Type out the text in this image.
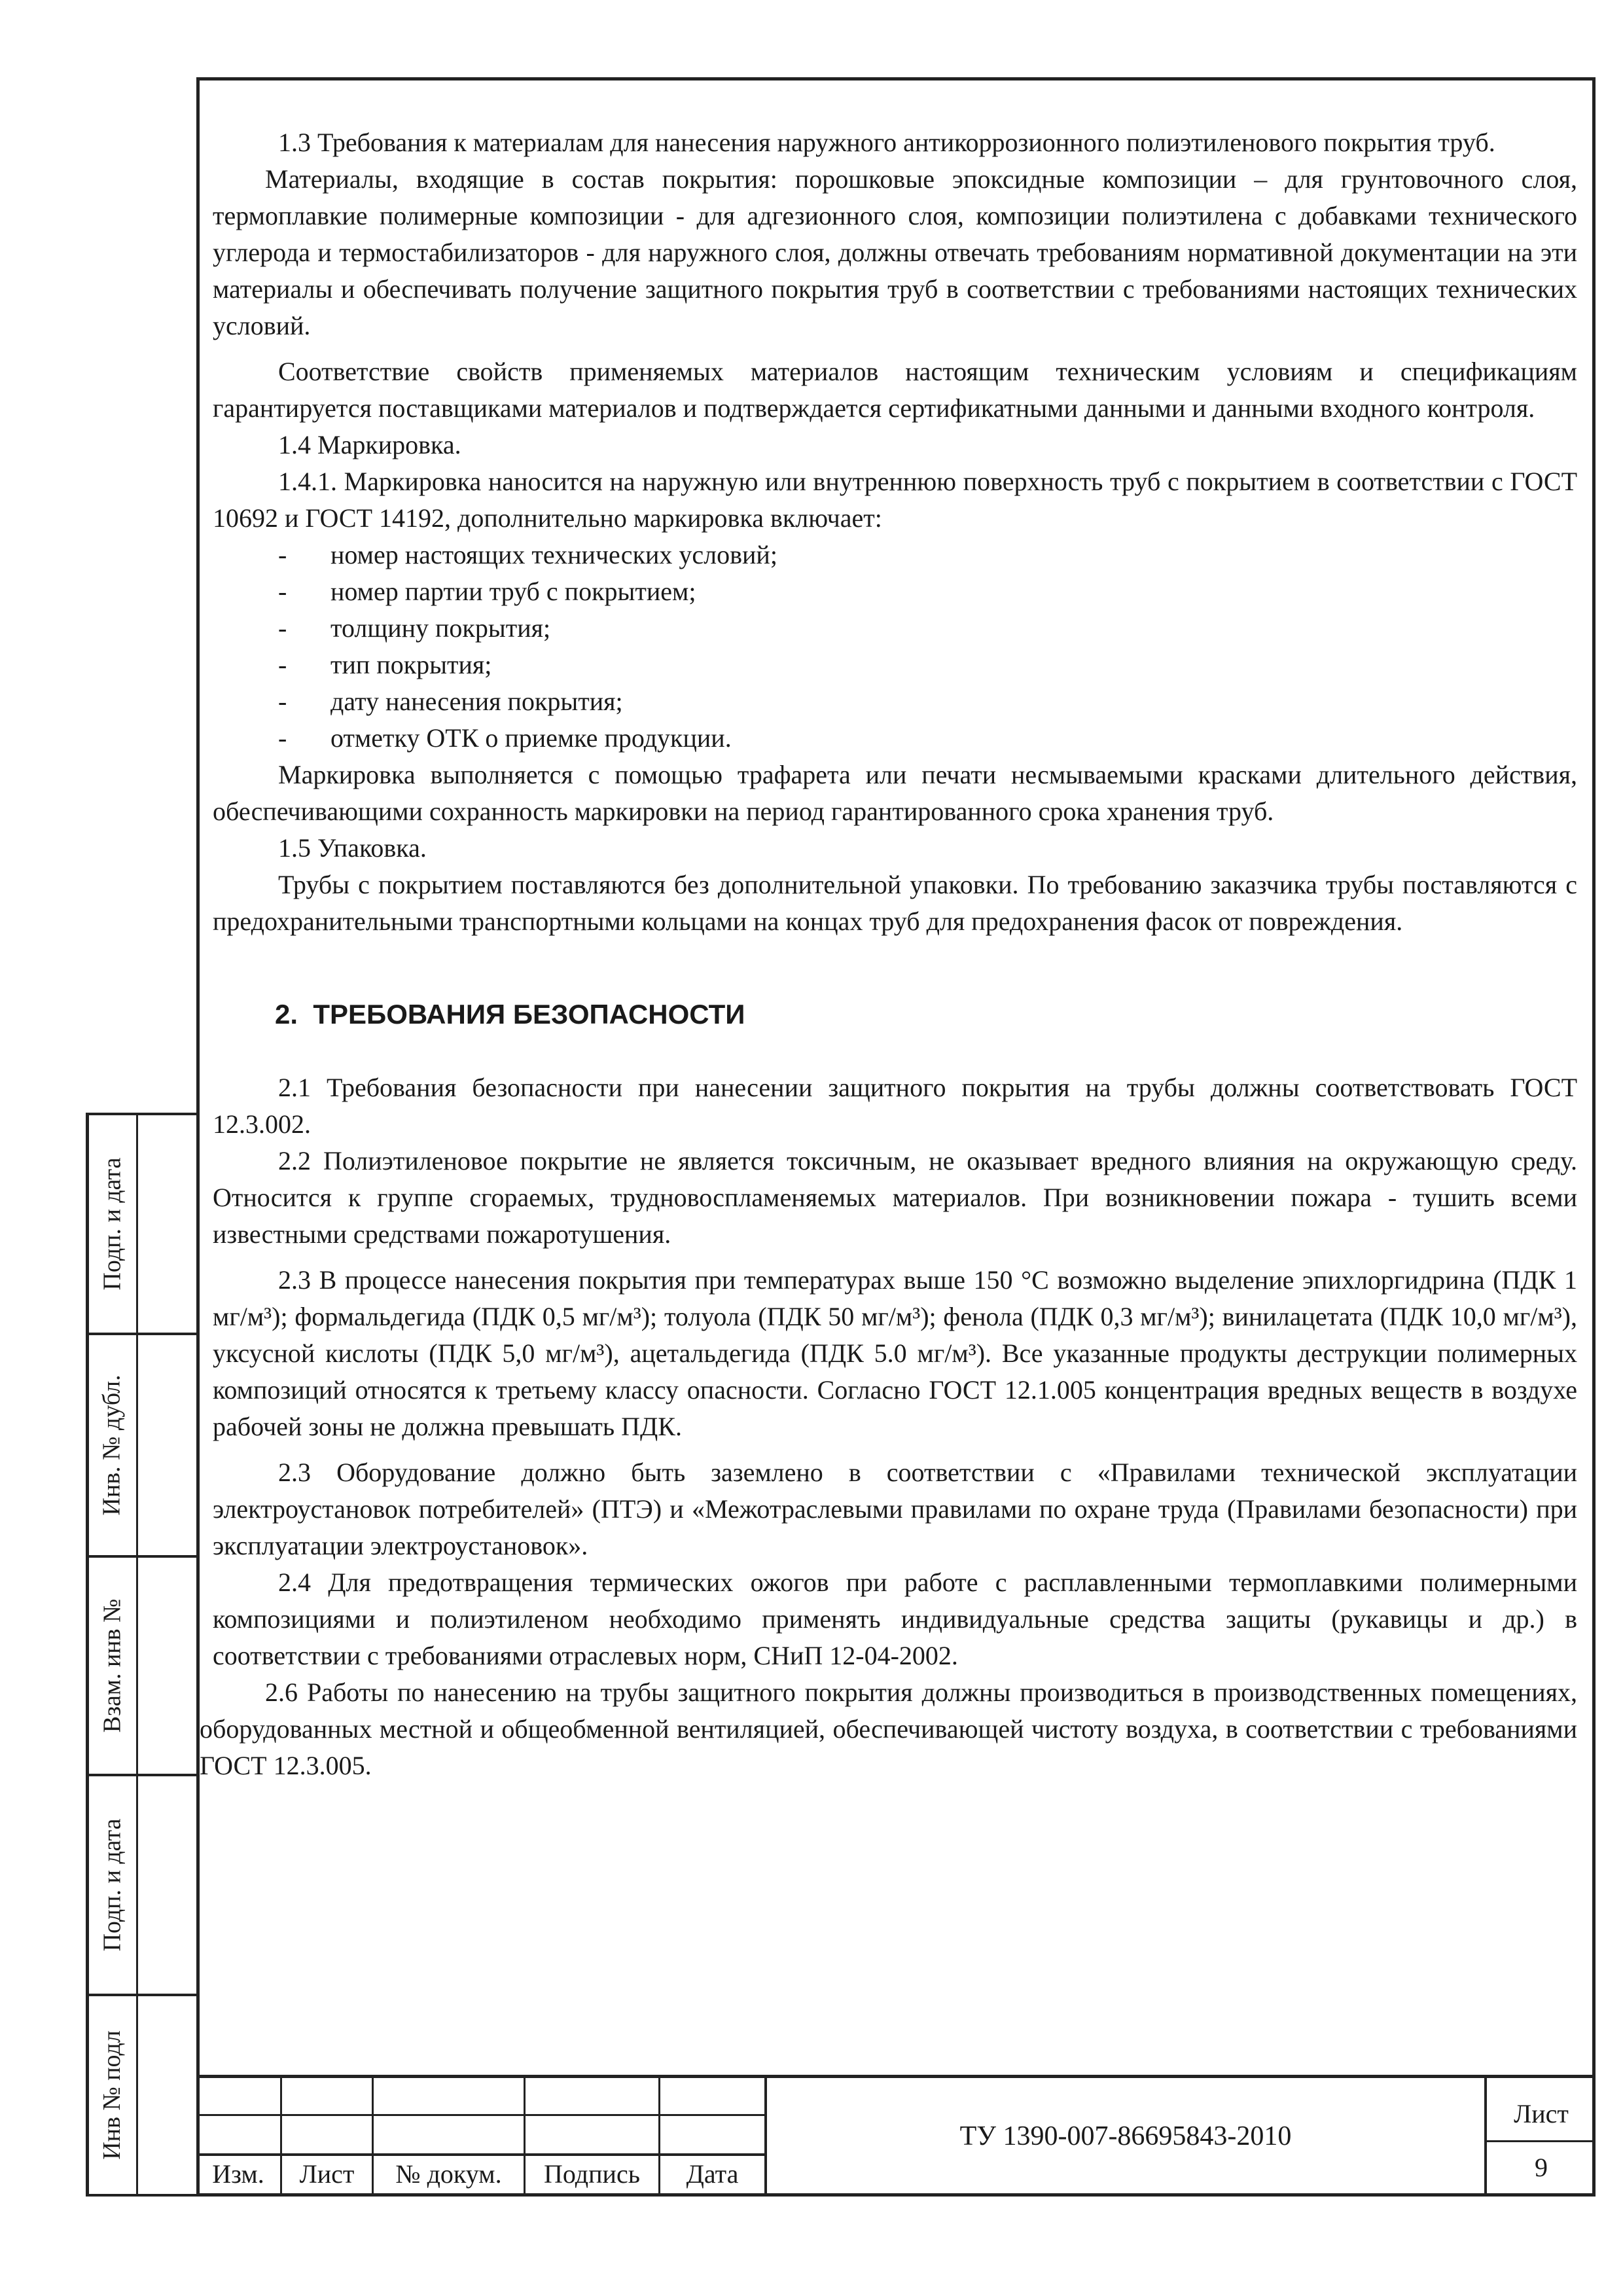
Подп. и дата
Инв. № дубл.
Взам. инв №
Подп. и дата
Инв № подл

1.3 Требования к материалам для нанесения наружного антикоррозионного полиэтиленового покрытия труб.

Материалы, входящие в состав покрытия: порошковые эпоксидные композиции – для грунтовочного слоя, термоплавкие полимерные композиции - для адгезионного слоя, композиции полиэтилена с добавками технического углерода и термостабилизаторов - для наружного слоя, должны отвечать требованиям нормативной документации на эти материалы и обеспечивать получение защитного покрытия труб в соответствии с требованиями настоящих технических условий.

Соответствие свойств применяемых материалов настоящим техническим условиям и спецификациям гарантируется поставщиками материалов и подтверждается сертификатными данными и данными входного контроля.

1.4 Маркировка.

1.4.1. Маркировка наносится на наружную или внутреннюю поверхность труб с покрытием в соответствии с ГОСТ 10692 и ГОСТ 14192, дополнительно маркировка включает:

- номер настоящих технических условий;

- номер партии труб с покрытием;

- толщину покрытия;

- тип покрытия;

- дату нанесения покрытия;

- отметку ОТК о приемке продукции.

Маркировка выполняется с помощью трафарета или печати несмываемыми красками длительного действия, обеспечивающими сохранность маркировки на период гарантированного срока хранения труб.

1.5 Упаковка.

Трубы с покрытием поставляются без дополнительной упаковки. По требованию заказчика трубы поставляются с предохранительными транспортными кольцами на концах труб для предохранения фасок от повреждения.

2. ТРЕБОВАНИЯ БЕЗОПАСНОСТИ

2.1 Требования безопасности при нанесении защитного покрытия на трубы должны соответствовать ГОСТ 12.3.002.

2.2 Полиэтиленовое покрытие не является токсичным, не оказывает вредного влияния на окружающую среду. Относится к группе сгораемых, трудновоспламеняемых материалов. При возникновении пожара - тушить всеми известными средствами пожаротушения.

2.3 В процессе нанесения покрытия при температурах выше 150 °С возможно выделение эпихлоргидрина (ПДК 1 мг/м³); формальдегида (ПДК 0,5 мг/м³); толуола (ПДК 50 мг/м³); фенола (ПДК 0,3 мг/м³); винилацетата (ПДК 10,0 мг/м³), уксусной кислоты (ПДК 5,0 мг/м³), ацетальдегида (ПДК 5.0 мг/м³). Все указанные продукты деструкции полимерных композиций относятся к третьему классу опасности. Согласно ГОСТ 12.1.005 концентрация вредных веществ в воздухе рабочей зоны не должна превышать ПДК.

2.3 Оборудование должно быть заземлено в соответствии с «Правилами технической эксплуатации электроустановок потребителей» (ПТЭ) и «Межотраслевыми правилами по охране труда (Правилами безопасности) при эксплуатации электроустановок».

2.4 Для предотвращения термических ожогов при работе с расплавленными термоплавкими полимерными композициями и полиэтиленом необходимо применять индивидуальные средства защиты (рукавицы и др.) в соответствии с требованиями отраслевых норм, СНиП 12-04-2002.

2.6 Работы по нанесению на трубы защитного покрытия должны производиться в производственных помещениях, оборудованных местной и общеобменной вентиляцией, обеспечивающей чистоту воздуха, в соответствии с требованиями ГОСТ 12.3.005.

Изм.	Лист	№ докум.	Подпись	Дата
ТУ 1390-007-86695843-2010
Лист
9
